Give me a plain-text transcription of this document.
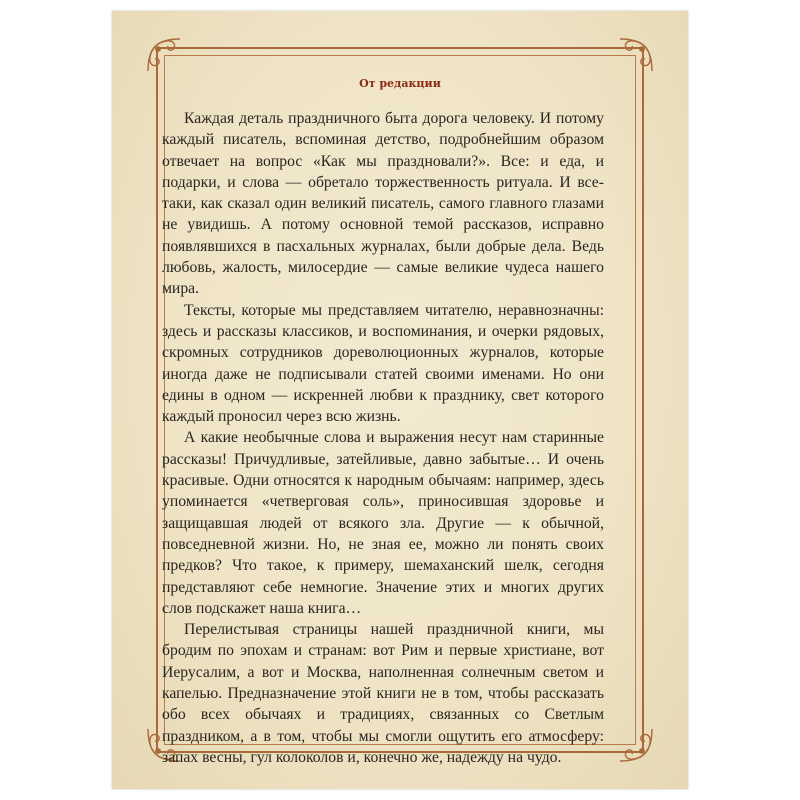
От редакции

Каждая деталь праздничного быта дорога человеку. И потому каждый писатель, вспоминая детство, подробнейшим образом отвечает на вопрос «Как мы праздновали?». Все: и еда, и подарки, и слова — обретало торжественность ритуала. И все-таки, как сказал один великий писатель, самого главного глазами не увидишь. А потому основной темой рассказов, исправно появлявшихся в пасхальных журналах, были добрые дела. Ведь любовь, жалость, милосердие — самые великие чудеса нашего мира.

Тексты, которые мы представляем читателю, неравнозначны: здесь и рассказы классиков, и воспоминания, и очерки рядовых, скромных сотрудников дореволюционных журналов, которые иногда даже не подписывали статей своими именами. Но они едины в одном — искренней любви к празднику, свет которого каждый проносил через всю жизнь.

А какие необычные слова и выражения несут нам старинные рассказы! Причудливые, затейливые, давно забытые… И очень красивые. Одни относятся к народным обычаям: например, здесь упоминается «четверговая соль», приносившая здоровье и защищавшая людей от всякого зла. Другие — к обычной, повседневной жизни. Но, не зная ее, можно ли понять своих предков? Что такое, к примеру, шемаханский шелк, сегодня представляют себе немногие. Значение этих и многих других слов подскажет наша книга…

Перелистывая страницы нашей праздничной книги, мы бродим по эпохам и странам: вот Рим и первые христиане, вот Иерусалим, а вот и Москва, наполненная солнечным светом и капелью. Предназначение этой книги не в том, чтобы рассказать обо всех обычаях и традициях, связанных со Светлым праздником, а в том, чтобы мы смогли ощутить его атмосферу: запах весны, гул колоколов и, конечно же, надежду на чудо.
